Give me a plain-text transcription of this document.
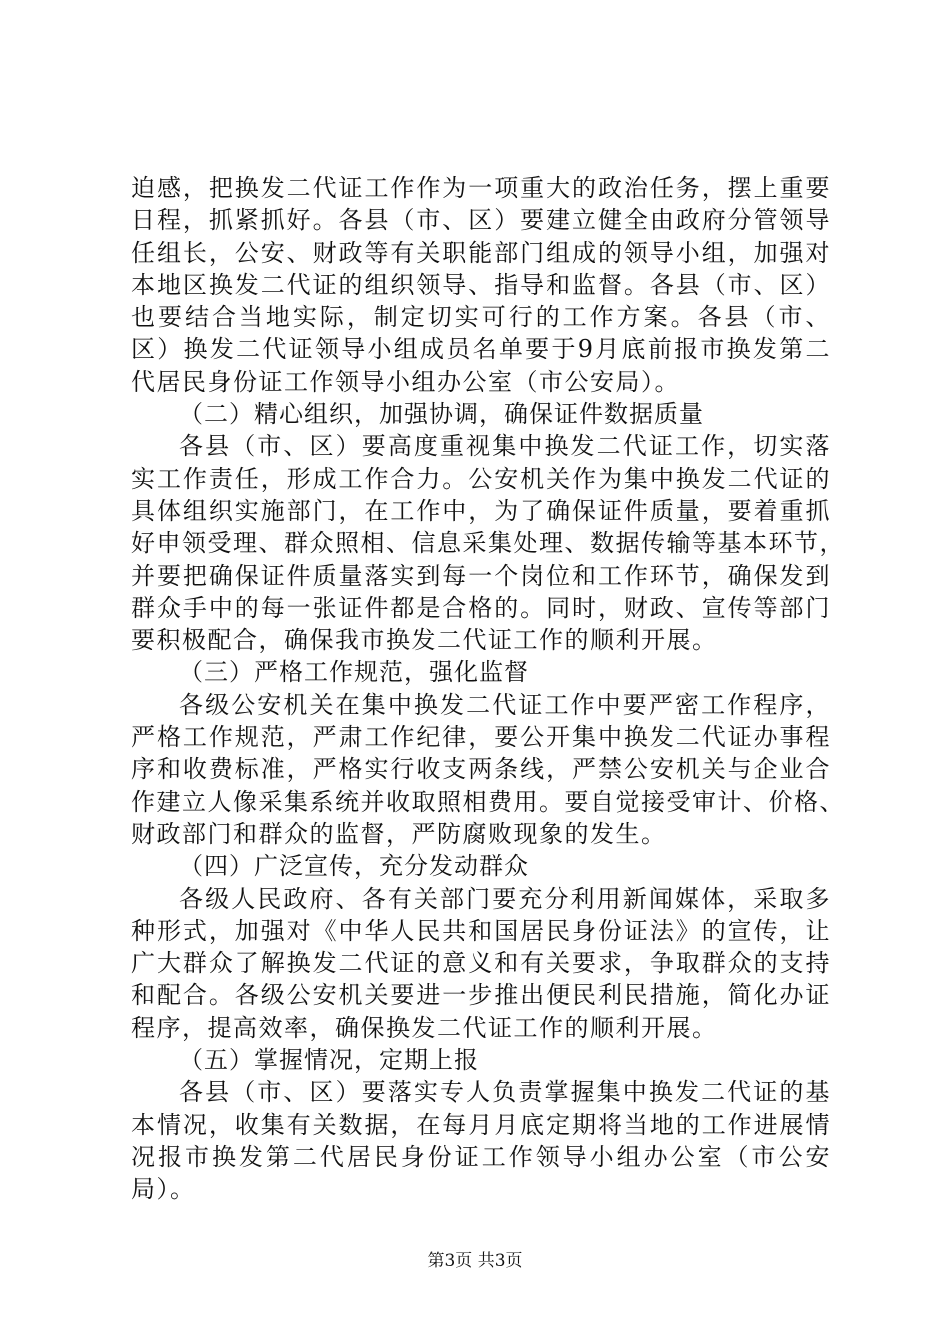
迫感，把换发二代证工作作为一项重大的政治任务，摆上重要
日程，抓紧抓好。各县（市、区）要建立健全由政府分管领导
任组长，公安、财政等有关职能部门组成的领导小组，加强对
本地区换发二代证的组织领导、指导和监督。各县（市、区）
也要结合当地实际，制定切实可行的工作方案。各县（市、
区）换发二代证领导小组成员名单要于9月底前报市换发第二
代居民身份证工作领导小组办公室（市公安局）。
（二）精心组织，加强协调，确保证件数据质量
各县（市、区）要高度重视集中换发二代证工作，切实落
实工作责任，形成工作合力。公安机关作为集中换发二代证的
具体组织实施部门，在工作中，为了确保证件质量，要着重抓
好申领受理、群众照相、信息采集处理、数据传输等基本环节，
并要把确保证件质量落实到每一个岗位和工作环节，确保发到
群众手中的每一张证件都是合格的。同时，财政、宣传等部门
要积极配合，确保我市换发二代证工作的顺利开展。
（三）严格工作规范，强化监督
各级公安机关在集中换发二代证工作中要严密工作程序，
严格工作规范，严肃工作纪律，要公开集中换发二代证办事程
序和收费标准，严格实行收支两条线，严禁公安机关与企业合
作建立人像采集系统并收取照相费用。要自觉接受审计、价格、
财政部门和群众的监督，严防腐败现象的发生。
（四）广泛宣传，充分发动群众
各级人民政府、各有关部门要充分利用新闻媒体，采取多
种形式，加强对《中华人民共和国居民身份证法》的宣传，让
广大群众了解换发二代证的意义和有关要求，争取群众的支持
和配合。各级公安机关要进一步推出便民利民措施，简化办证
程序，提高效率，确保换发二代证工作的顺利开展。
（五）掌握情况，定期上报
各县（市、区）要落实专人负责掌握集中换发二代证的基
本情况，收集有关数据，在每月月底定期将当地的工作进展情
况报市换发第二代居民身份证工作领导小组办公室（市公安
局）。
第3页 共3页
